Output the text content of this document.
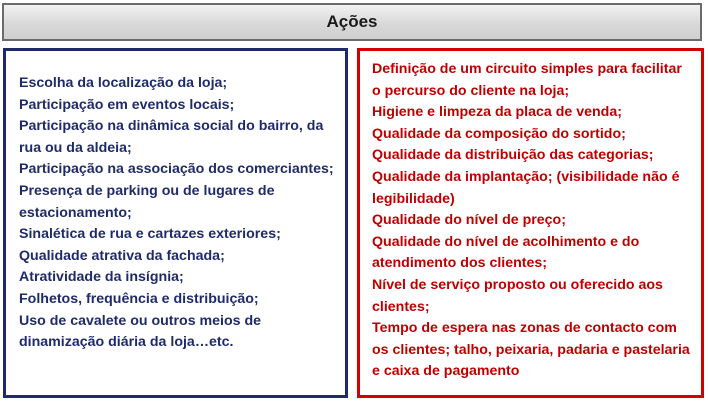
Ações
Escolha da localização da loja;
Participação em eventos locais;
Participação na dinâmica social do bairro, da rua ou da aldeia;
Participação na associação dos comerciantes;
Presença de parking ou de lugares de estacionamento;
Sinalética de rua e cartazes exteriores;
Qualidade atrativa da fachada;
Atratividade da insígnia;
Folhetos, frequência e distribuição;
Uso de cavalete ou outros meios de dinamização diária da loja…etc.
Definição de um circuito simples para facilitar o percurso do cliente na loja;
Higiene e limpeza da placa de venda;
Qualidade da composição do sortido;
Qualidade da distribuição das categorias;
Qualidade da implantação; (visibilidade não é legibilidade)
Qualidade do nível de preço;
Qualidade do nível de acolhimento e do atendimento dos clientes;
Nível de serviço proposto ou oferecido aos clientes;
Tempo de espera nas zonas de contacto com os clientes; talho, peixaria, padaria e pastelaria e caixa de pagamento
